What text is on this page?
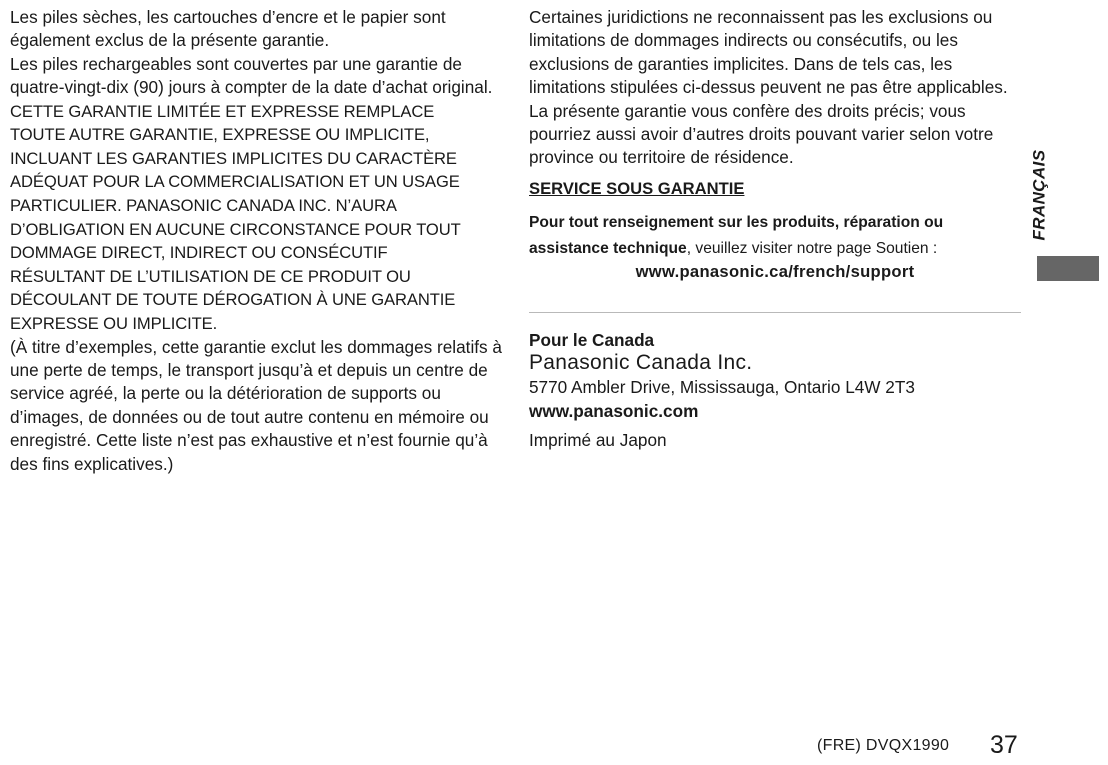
Les piles sèches, les cartouches d’encre et le papier sont également exclus de la présente garantie.

Les piles rechargeables sont couvertes par une garantie de quatre-vingt-dix (90) jours à compter de la date d’achat original.

CETTE GARANTIE LIMITÉE ET EXPRESSE REMPLACE
TOUTE AUTRE GARANTIE, EXPRESSE OU IMPLICITE,
INCLUANT LES GARANTIES IMPLICITES DU CARACTÈRE
ADÉQUAT POUR LA COMMERCIALISATION ET UN USAGE
PARTICULIER. PANASONIC CANADA INC. N’AURA
D’OBLIGATION EN AUCUNE CIRCONSTANCE POUR TOUT
DOMMAGE DIRECT, INDIRECT OU CONSÉCUTIF
RÉSULTANT DE L’UTILISATION DE CE PRODUIT OU
DÉCOULANT DE TOUTE DÉROGATION À UNE GARANTIE
EXPRESSE OU IMPLICITE.

(À titre d’exemples, cette garantie exclut les dommages relatifs à une perte de temps, le transport jusqu’à et depuis un centre de service agréé, la perte ou la détérioration de supports ou d’images, de données ou de tout autre contenu en mémoire ou enregistré. Cette liste n’est pas exhaustive et n’est fournie qu’à des fins explicatives.)

Certaines juridictions ne reconnaissent pas les exclusions ou limitations de dommages indirects ou consécutifs, ou les exclusions de garanties implicites. Dans de tels cas, les limitations stipulées ci-dessus peuvent ne pas être applicables. La présente garantie vous confère des droits précis; vous pourriez aussi avoir d’autres droits pouvant varier selon votre province ou territoire de résidence.

SERVICE SOUS GARANTIE

Pour tout renseignement sur les produits, réparation ou
assistance technique, veuillez visiter notre page Soutien :

www.panasonic.ca/french/support

Pour le Canada

Panasonic Canada Inc.

5770 Ambler Drive, Mississauga, Ontario L4W 2T3

www.panasonic.com

Imprimé au Japon

FRANÇAIS
(FRE) DVQX1990 37
